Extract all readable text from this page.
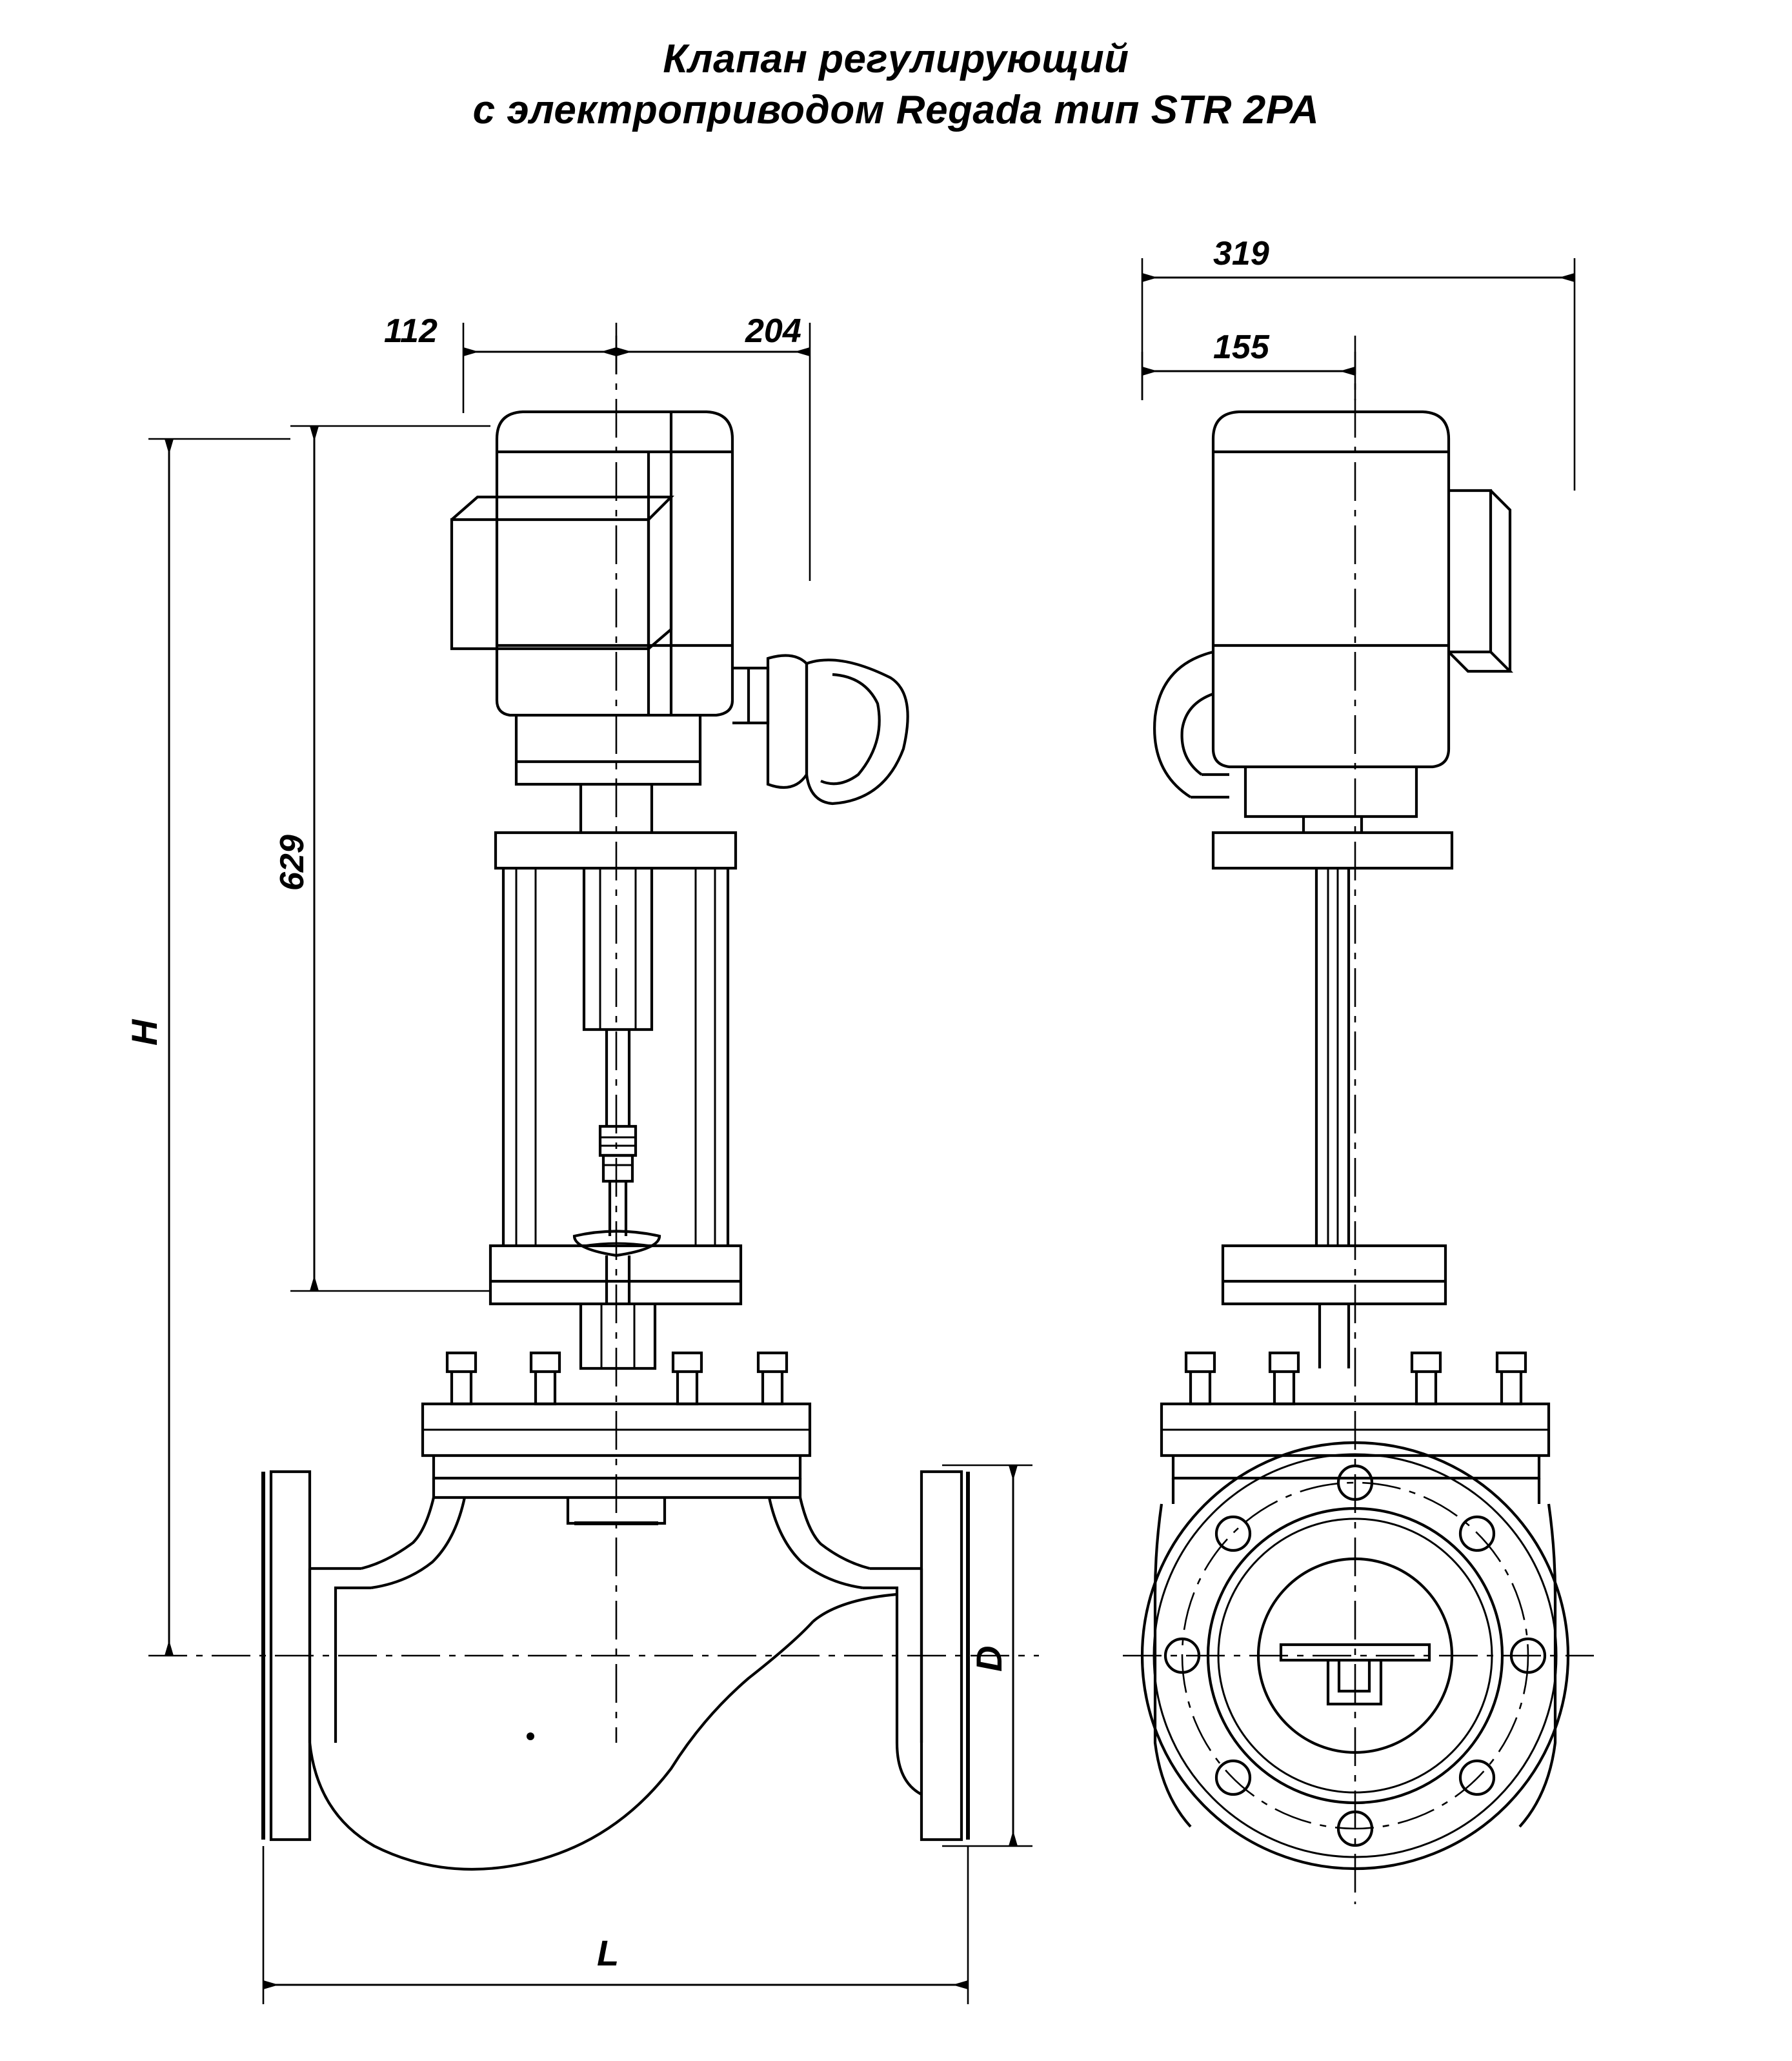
Клапан регулирующий
с электроприводом Regada тип STR 2PA
112	204
629
H
D
L
319
155
